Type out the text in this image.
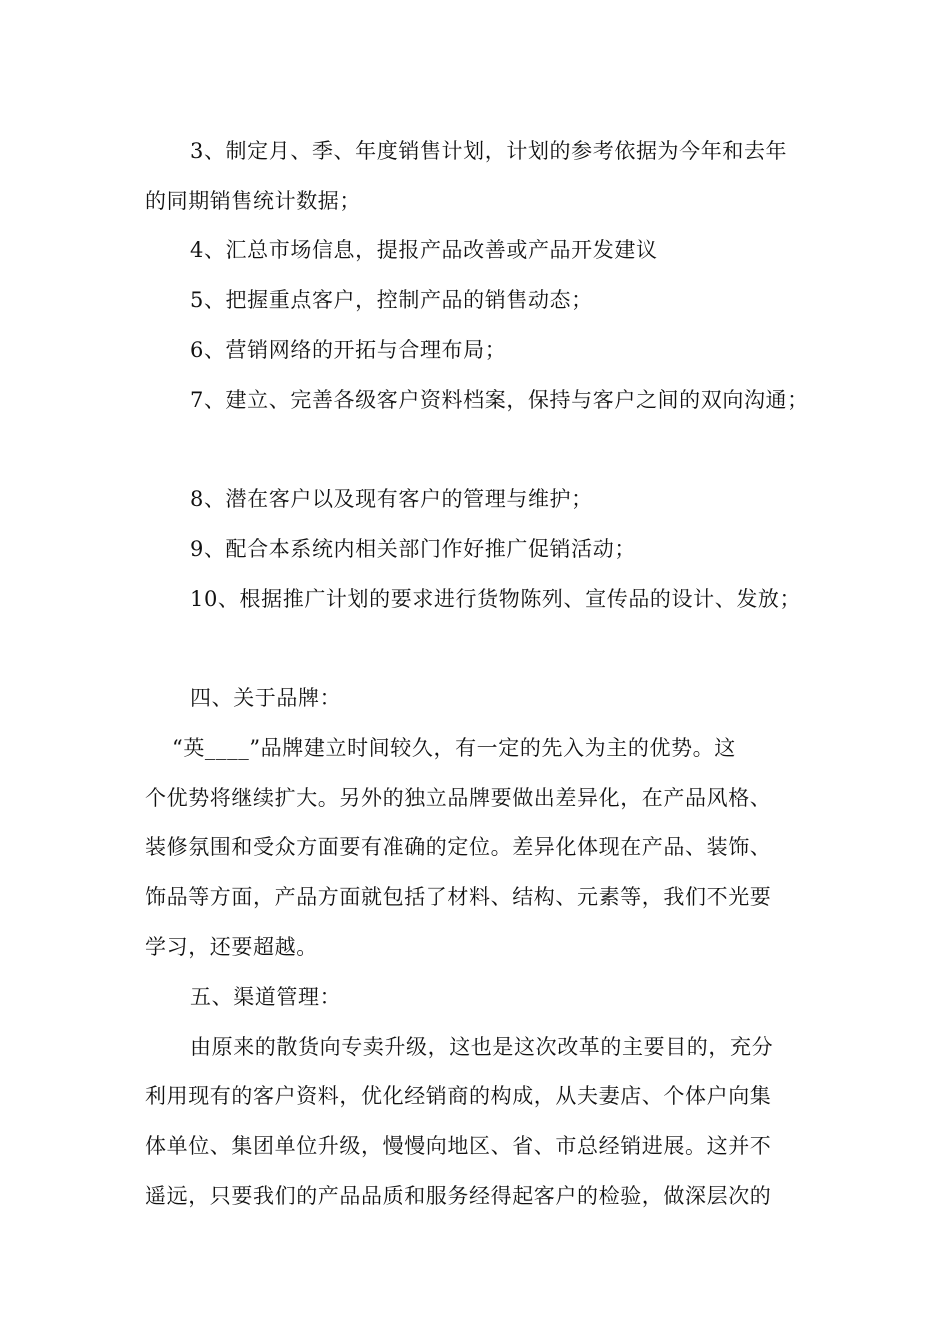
3、制定月、季、年度销售计划，计划的参考依据为今年和去年
的同期销售统计数据；
4、汇总市场信息，提报产品改善或产品开发建议
5、把握重点客户，控制产品的销售动态；
6、营销网络的开拓与合理布局；
7、建立、完善各级客户资料档案，保持与客户之间的双向沟通；
8、潜在客户以及现有客户的管理与维护；
9、配合本系统内相关部门作好推广促销活动；
10、根据推广计划的要求进行货物陈列、宣传品的设计、发放；
四、关于品牌：
“英____”品牌建立时间较久，有一定的先入为主的优势。这
个优势将继续扩大。另外的独立品牌要做出差异化，在产品风格、
装修氛围和受众方面要有准确的定位。差异化体现在产品、装饰、
饰品等方面，产品方面就包括了材料、结构、元素等，我们不光要
学习，还要超越。
五、渠道管理：
由原来的散货向专卖升级，这也是这次改革的主要目的，充分
利用现有的客户资料，优化经销商的构成，从夫妻店、个体户向集
体单位、集团单位升级，慢慢向地区、省、市总经销进展。这并不
遥远，只要我们的产品品质和服务经得起客户的检验，做深层次的
